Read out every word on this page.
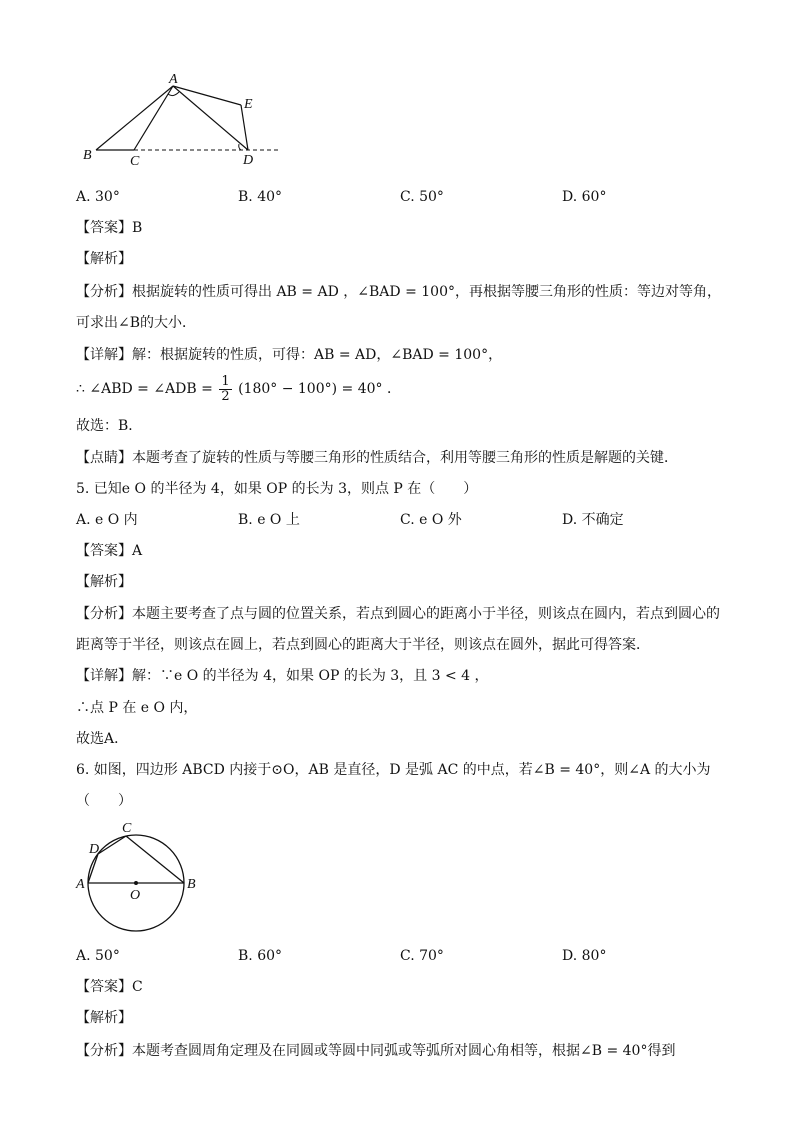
A
E
B	C	D
A. 30°	B. 40°	C. 50°	D. 60°
【答案】B
【解析】
【分析】根据旋转的性质可得出 AB = AD ，∠BAD = 100°，再根据等腰三角形的性质：等边对等角，
可求出∠B的大小．
【详解】解：根据旋转的性质，可得：AB = AD，∠BAD = 100°，
∴ ∠ABD = ∠ADB = $\frac{1}{2} (180^\circ - 100^\circ) = 40^\circ$ ．
故选：B．
【点睛】本题考查了旋转的性质与等腰三角形的性质结合，利用等腰三角形的性质是解题的关键．
5. 已知e O 的半径为 4，如果 OP 的长为 3，则点 P 在（　　）
A. e O 内	B. e O 上	C. e O 外	D. 不确定
【答案】A
【解析】
【分析】本题主要考查了点与圆的位置关系，若点到圆心的距离小于半径，则该点在圆内，若点到圆心的
距离等于半径，则该点在圆上，若点到圆心的距离大于半径，则该点在圆外，据此可得答案．
【详解】解：∵e O 的半径为 4，如果 OP 的长为 3，且 3 < 4 ，
∴点 P 在 e O 内，
故选A．
6. 如图，四边形 ABCD 内接于⊙O，AB 是直径，D 是弧 AC 的中点，若∠B = 40°，则∠A 的大小为
（　　）
C
D
A	B
O
A. 50°	B. 60°	C. 70°	D. 80°
【答案】C
【解析】
【分析】本题考查圆周角定理及在同圆或等圆中同弧或等弧所对圆心角相等，根据∠B = 40°得到
